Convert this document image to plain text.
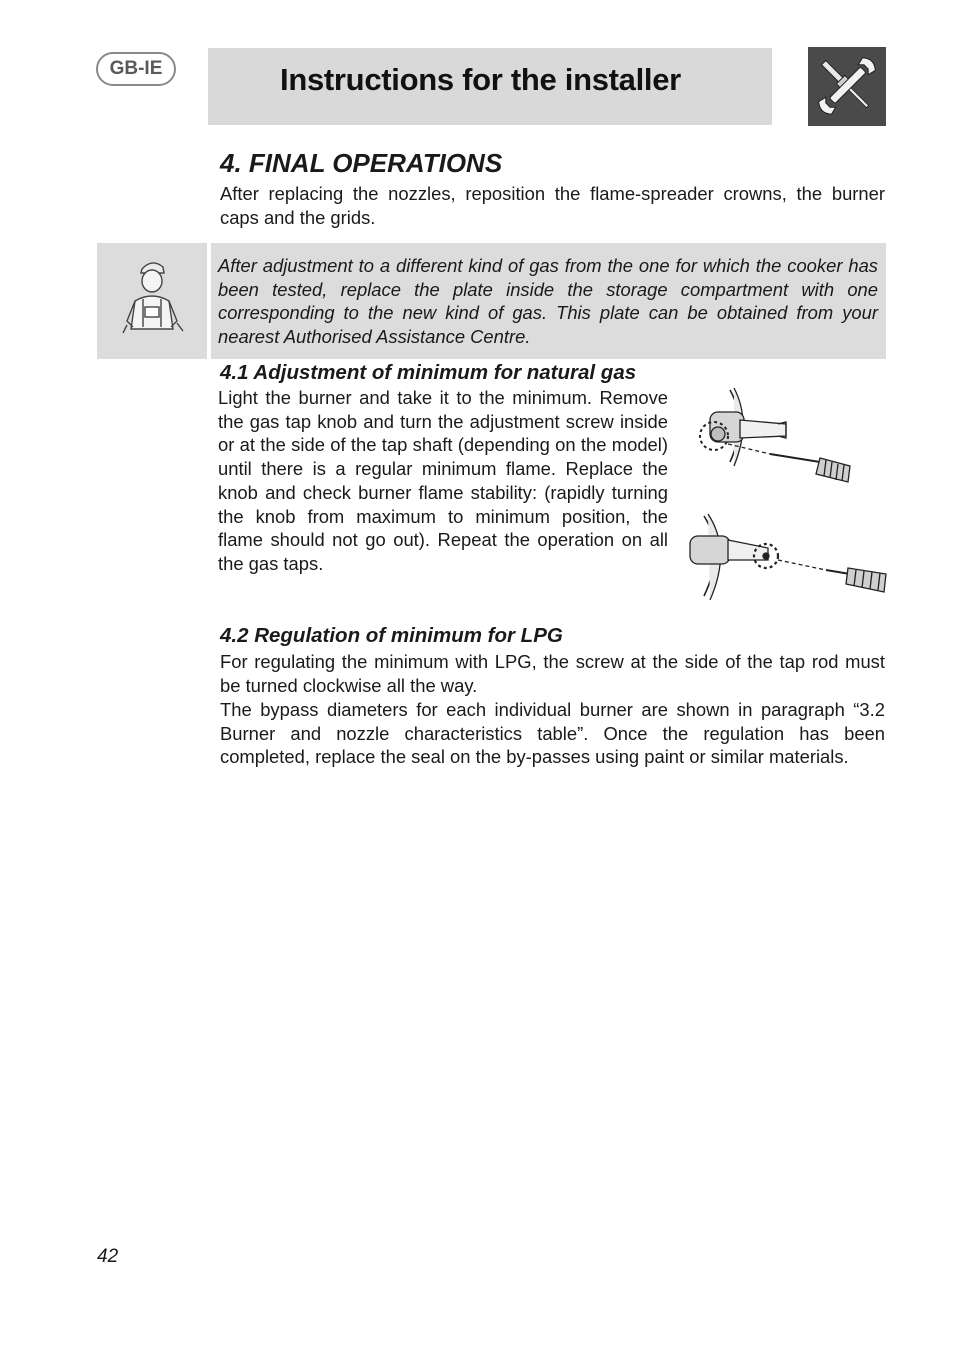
GB-IE	Instructions for the installer
4. FINAL OPERATIONS
After replacing the nozzles, reposition the flame-spreader crowns, the burner caps and the grids.
After adjustment to a different kind of gas from the one for which the cooker has been tested, replace the plate inside the storage compartment with one corresponding to the new kind of gas. This plate can be obtained from your nearest Authorised Assistance Centre.
4.1 Adjustment of minimum for natural gas
Light the burner and take it to the minimum. Remove the gas tap knob and turn the adjustment screw inside or at the side of the tap shaft (depending on the model) until there is a regular minimum flame. Replace the knob and check burner flame stability: (rapidly turning the knob from maximum to minimum position, the flame should not go out). Repeat the operation on all the gas taps.
4.2 Regulation of minimum for LPG
For regulating the minimum with LPG, the screw at the side of the tap rod must be turned clockwise all the way.
The bypass diameters for each individual burner are shown in paragraph “3.2 Burner and nozzle characteristics table”. Once the regulation has been completed, replace the seal on the by-passes using paint or similar materials.
42
